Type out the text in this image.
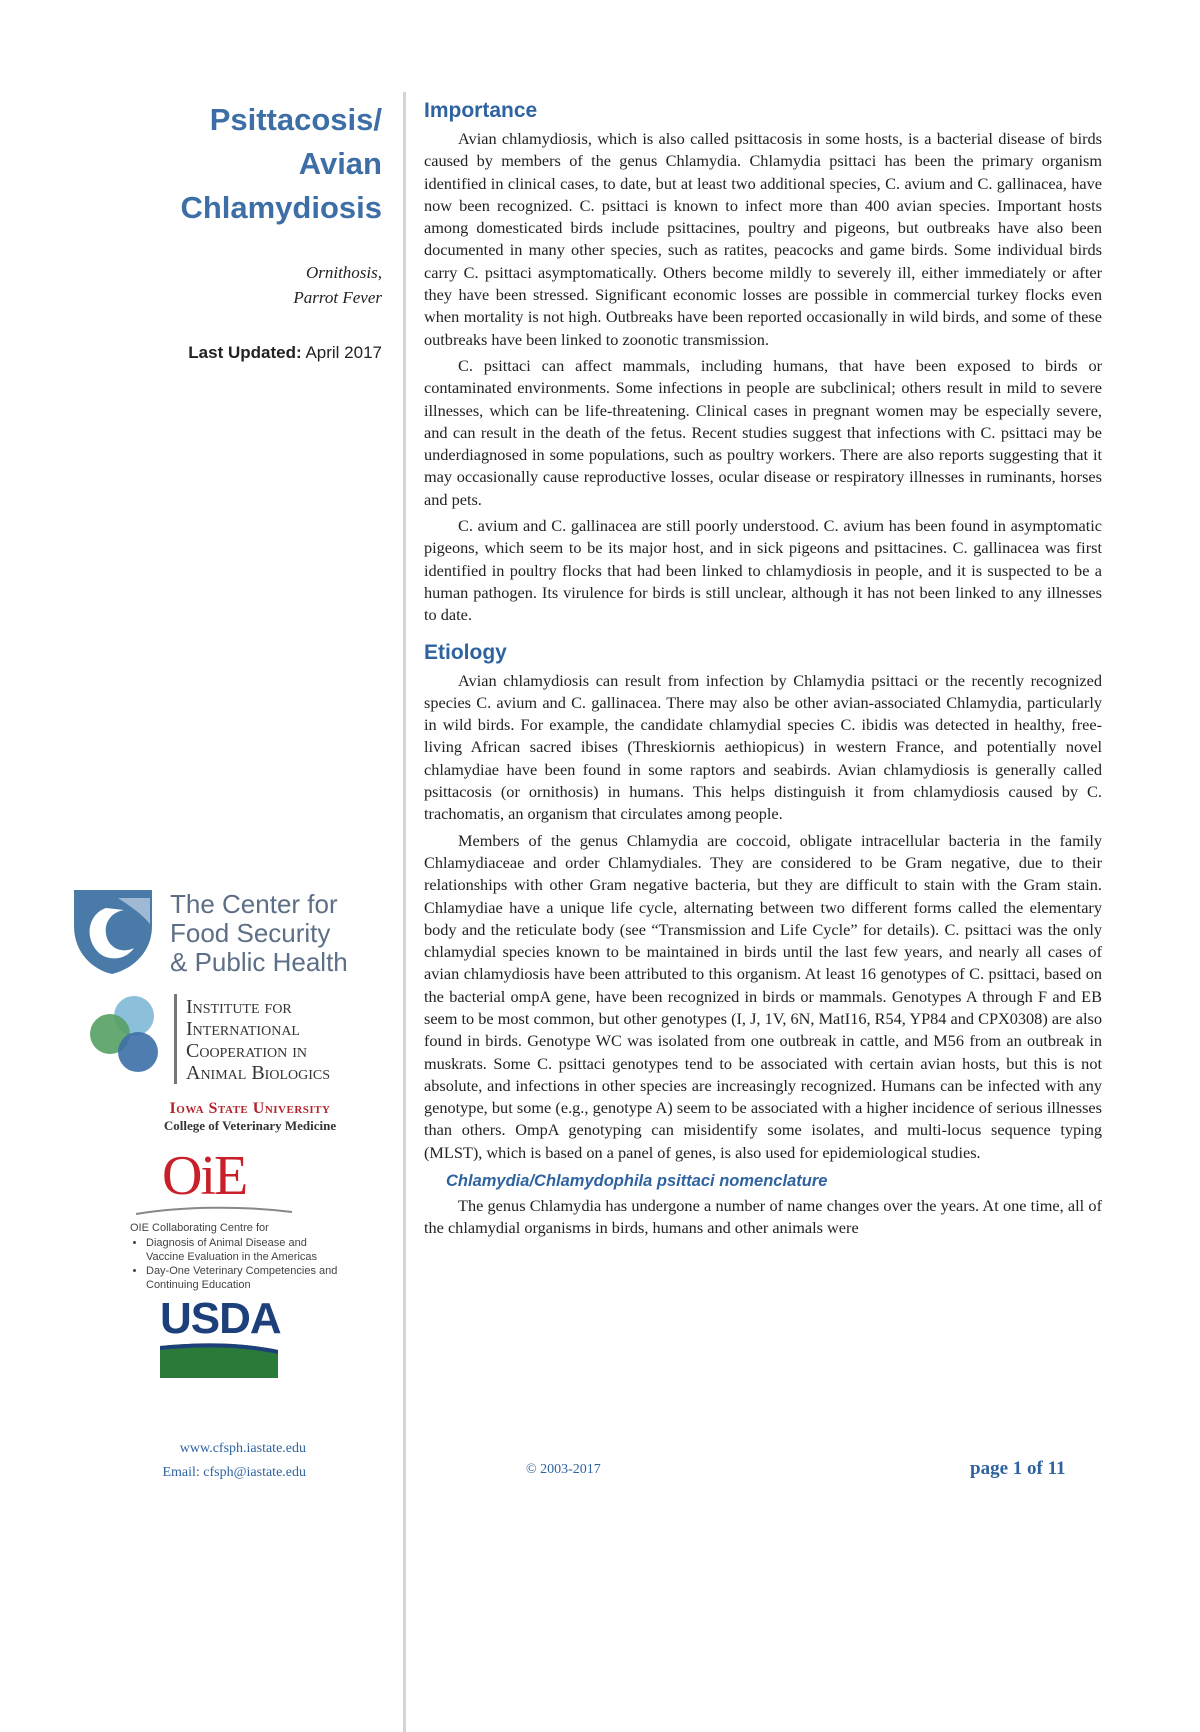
Psittacosis/
Avian
Chlamydiosis
Ornithosis,
Parrot Fever
Last Updated: April 2017
Importance

Avian chlamydiosis, which is also called psittacosis in some hosts, is a bacterial disease of birds caused by members of the genus Chlamydia. Chlamydia psittaci has been the primary organism identified in clinical cases, to date, but at least two additional species, C. avium and C. gallinacea, have now been recognized. C. psittaci is known to infect more than 400 avian species. Important hosts among domesticated birds include psittacines, poultry and pigeons, but outbreaks have also been documented in many other species, such as ratites, peacocks and game birds. Some individual birds carry C. psittaci asymptomatically. Others become mildly to severely ill, either immediately or after they have been stressed. Significant economic losses are possible in commercial turkey flocks even when mortality is not high. Outbreaks have been reported occasionally in wild birds, and some of these outbreaks have been linked to zoonotic transmission.

C. psittaci can affect mammals, including humans, that have been exposed to birds or contaminated environments. Some infections in people are subclinical; others result in mild to severe illnesses, which can be life-threatening. Clinical cases in pregnant women may be especially severe, and can result in the death of the fetus. Recent studies suggest that infections with C. psittaci may be underdiagnosed in some populations, such as poultry workers. There are also reports suggesting that it may occasionally cause reproductive losses, ocular disease or respiratory illnesses in ruminants, horses and pets.

C. avium and C. gallinacea are still poorly understood. C. avium has been found in asymptomatic pigeons, which seem to be its major host, and in sick pigeons and psittacines. C. gallinacea was first identified in poultry flocks that had been linked to chlamydiosis in people, and it is suspected to be a human pathogen. Its virulence for birds is still unclear, although it has not been linked to any illnesses to date.

Etiology

Avian chlamydiosis can result from infection by Chlamydia psittaci or the recently recognized species C. avium and C. gallinacea. There may also be other avian-associated Chlamydia, particularly in wild birds. For example, the candidate chlamydial species C. ibidis was detected in healthy, free-living African sacred ibises (Threskiornis aethiopicus) in western France, and potentially novel chlamydiae have been found in some raptors and seabirds. Avian chlamydiosis is generally called psittacosis (or ornithosis) in humans. This helps distinguish it from chlamydiosis caused by C. trachomatis, an organism that circulates among people.

Members of the genus Chlamydia are coccoid, obligate intracellular bacteria in the family Chlamydiaceae and order Chlamydiales. They are considered to be Gram negative, due to their relationships with other Gram negative bacteria, but they are difficult to stain with the Gram stain. Chlamydiae have a unique life cycle, alternating between two different forms called the elementary body and the reticulate body (see “Transmission and Life Cycle” for details). C. psittaci was the only chlamydial species known to be maintained in birds until the last few years, and nearly all cases of avian chlamydiosis have been attributed to this organism. At least 16 genotypes of C. psittaci, based on the bacterial ompA gene, have been recognized in birds or mammals. Genotypes A through F and EB seem to be most common, but other genotypes (I, J, 1V, 6N, MatI16, R54, YP84 and CPX0308) are also found in birds. Genotype WC was isolated from one outbreak in cattle, and M56 from an outbreak in muskrats. Some C. psittaci genotypes tend to be associated with certain avian hosts, but this is not absolute, and infections in other species are increasingly recognized. Humans can be infected with any genotype, but some (e.g., genotype A) seem to be associated with a higher incidence of serious illnesses than others. OmpA genotyping can misidentify some isolates, and multi-locus sequence typing (MLST), which is based on a panel of genes, is also used for epidemiological studies.

Chlamydia/Chlamydophila psittaci nomenclature

The genus Chlamydia has undergone a number of name changes over the years. At one time, all of the chlamydial organisms in birds, humans and other animals were

The Center for
Food Security
& Public Health
Institute for
International
Cooperation in
Animal Biologics
Iowa State University
College of Veterinary Medicine
OiE
OIE Collaborating Centre for
• Diagnosis of Animal Disease and Vaccine Evaluation in the Americas
• Day-One Veterinary Competencies and Continuing Education
USDA
www.cfsph.iastate.edu
Email: cfsph@iastate.edu	© 2003-2017	page 1 of 11
